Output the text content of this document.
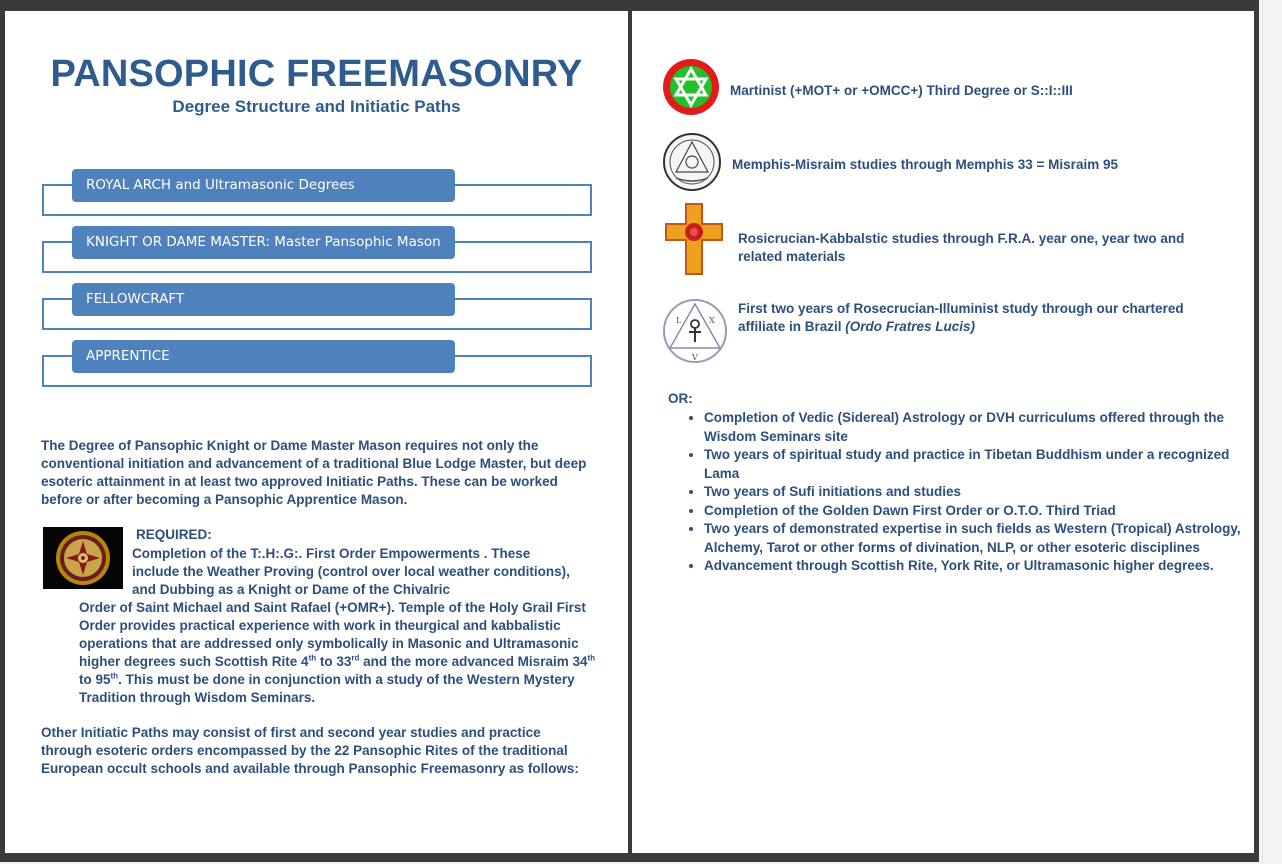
PANSOPHIC FREEMASONRY
Degree Structure and Initiatic Paths
ROYAL ARCH and Ultramasonic Degrees
KNIGHT OR DAME MASTER: Master Pansophic Mason
FELLOWCRAFT
APPRENTICE
The Degree of Pansophic Knight or Dame Master Mason requires not only the conventional initiation and advancement of a traditional Blue Lodge Master, but deep esoteric attainment in at least two approved Initiatic Paths. These can be worked before or after becoming a Pansophic Apprentice Mason.
REQUIRED:
Completion of the T:.H:.G:. First Order Empowerments . These include the Weather Proving (control over local weather conditions), and Dubbing as a Knight or Dame of the Chivalric
Order of Saint Michael and Saint Rafael (+OMR+). Temple of the Holy Grail First Order provides practical experience with work in theurgical and kabbalistic operations that are addressed only symbolically in Masonic and Ultramasonic higher degrees such Scottish Rite 4th to 33rd and the more advanced Misraim 34th to 95th. This must be done in conjunction with a study of the Western Mystery Tradition through Wisdom Seminars.
Other Initiatic Paths may consist of first and second year studies and practice through esoteric orders encompassed by the 22 Pansophic Rites of the traditional European occult schools and available through Pansophic Freemasonry as follows:
Martinist (+MOT+ or +OMCC+) Third Degree or S::I::III
Memphis-Misraim studies through Memphis 33 = Misraim 95
Rosicrucian-Kabbalstic studies through F.R.A. year one, year two and related materials
L	X
V
First two years of Rosecrucian-Illuminist study through our chartered affiliate in Brazil (Ordo Fratres Lucis)
OR:
• Completion of Vedic (Sidereal) Astrology or DVH curriculums offered through the Wisdom Seminars site
• Two years of spiritual study and practice in Tibetan Buddhism under a recognized Lama
• Two years of Sufi initiations and studies
• Completion of the Golden Dawn First Order or O.T.O. Third Triad
• Two years of demonstrated expertise in such fields as Western (Tropical) Astrology, Alchemy, Tarot or other forms of divination, NLP, or other esoteric disciplines
• Advancement through Scottish Rite, York Rite, or Ultramasonic higher degrees.
